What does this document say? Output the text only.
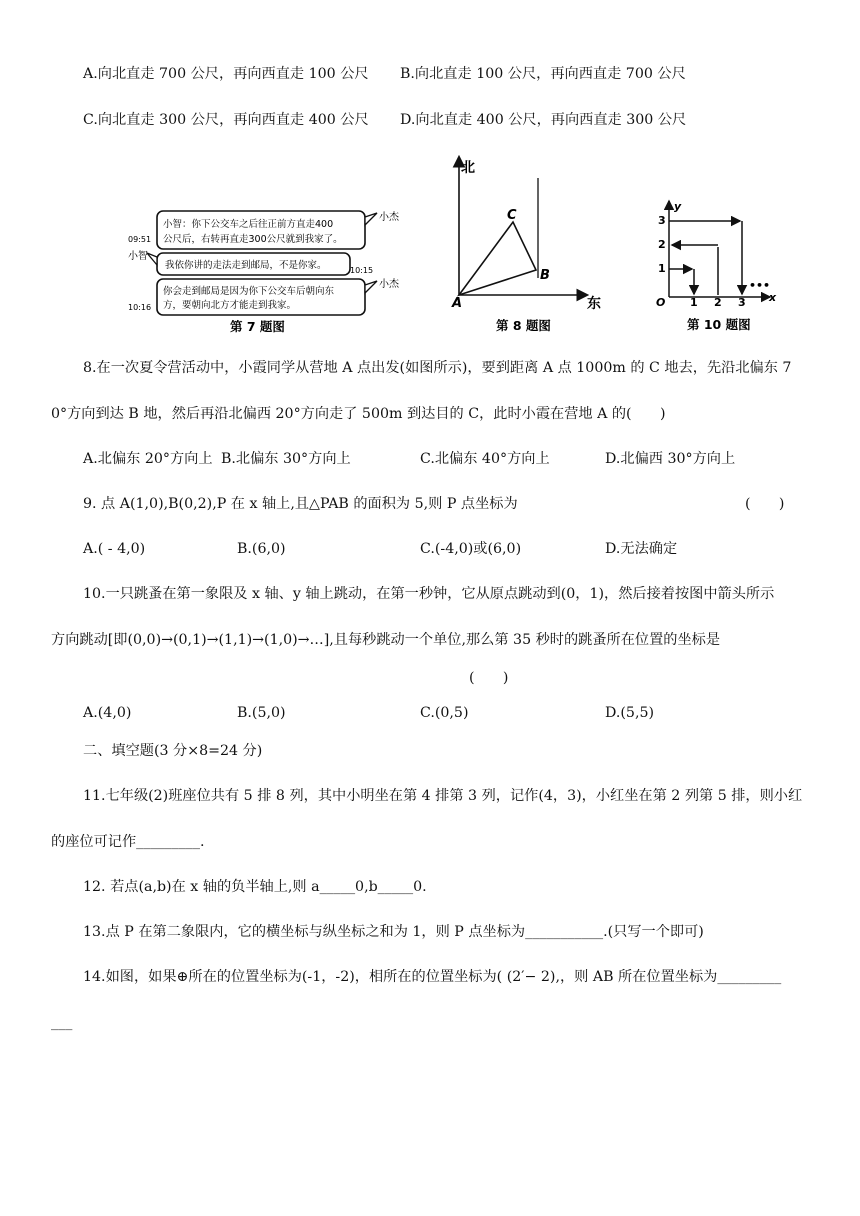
A.向北直走 700 公尺，再向西直走 100 公尺 B.向北直走 100 公尺，再向西直走 700 公尺
C.向北直走 300 公尺，再向西直走 400 公尺 D.向北直走 400 公尺，再向西直走 300 公尺
小智：你下公交车之后往正前方直走400
公尺后，右转再直走300公尺就到我家了。
小杰
09:51
小智
我依你讲的走法走到邮局，不是你家。	10:15
你会走到邮局是因为你下公交车后朝向东
方，要朝向北方才能走到我家。
小杰
10:16
第 7 题图
北
东
A
B
C
第 8 题图
y
x
O 1 2 3
1
2
3
•••
第 10 题图
8.在一次夏令营活动中，小霞同学从营地 A 点出发(如图所示)，要到距离 A 点 1000m 的 C 地去，先沿北偏东 7
0°方向到达 B 地，然后再沿北偏西 20°方向走了 500m 到达目的 C，此时小霞在营地 A 的(　　)
A.北偏东 20°方向上 B.北偏东 30°方向上	C.北偏东 40°方向上	D.北偏西 30°方向上
9. 点 A(1,0),B(0,2),P 在 x 轴上,且△PAB 的面积为 5,则 P 点坐标为	(　　)
A.( ‐ 4,0)	B.(6,0)	C.(-4,0)或(6,0)	D.无法确定
10.一只跳蚤在第一象限及 x 轴、y 轴上跳动，在第一秒钟，它从原点跳动到(0，1)，然后接着按图中箭头所示
方向跳动[即(0,0)→(0,1)→(1,1)→(1,0)→…],且每秒跳动一个单位,那么第 35 秒时的跳蚤所在位置的坐标是
(　　)
A.(4,0)	B.(5,0)	C.(0,5)	D.(5,5)
二、填空题(3 分×8=24 分)
11.七年级(2)班座位共有 5 排 8 列，其中小明坐在第 4 排第 3 列，记作(4，3)，小红坐在第 2 列第 5 排，则小红
的座位可记作_________.
12. 若点(a,b)在 x 轴的负半轴上,则 a_____0,b_____0.
13.点 P 在第二象限内，它的横坐标与纵坐标之和为 1，则 P 点坐标为___________.(只写一个即可)
14.如图，如果⊕所在的位置坐标为(-1，-2)，相所在的位置坐标为( (2′− 2),，则 AB 所在位置坐标为_________
___
